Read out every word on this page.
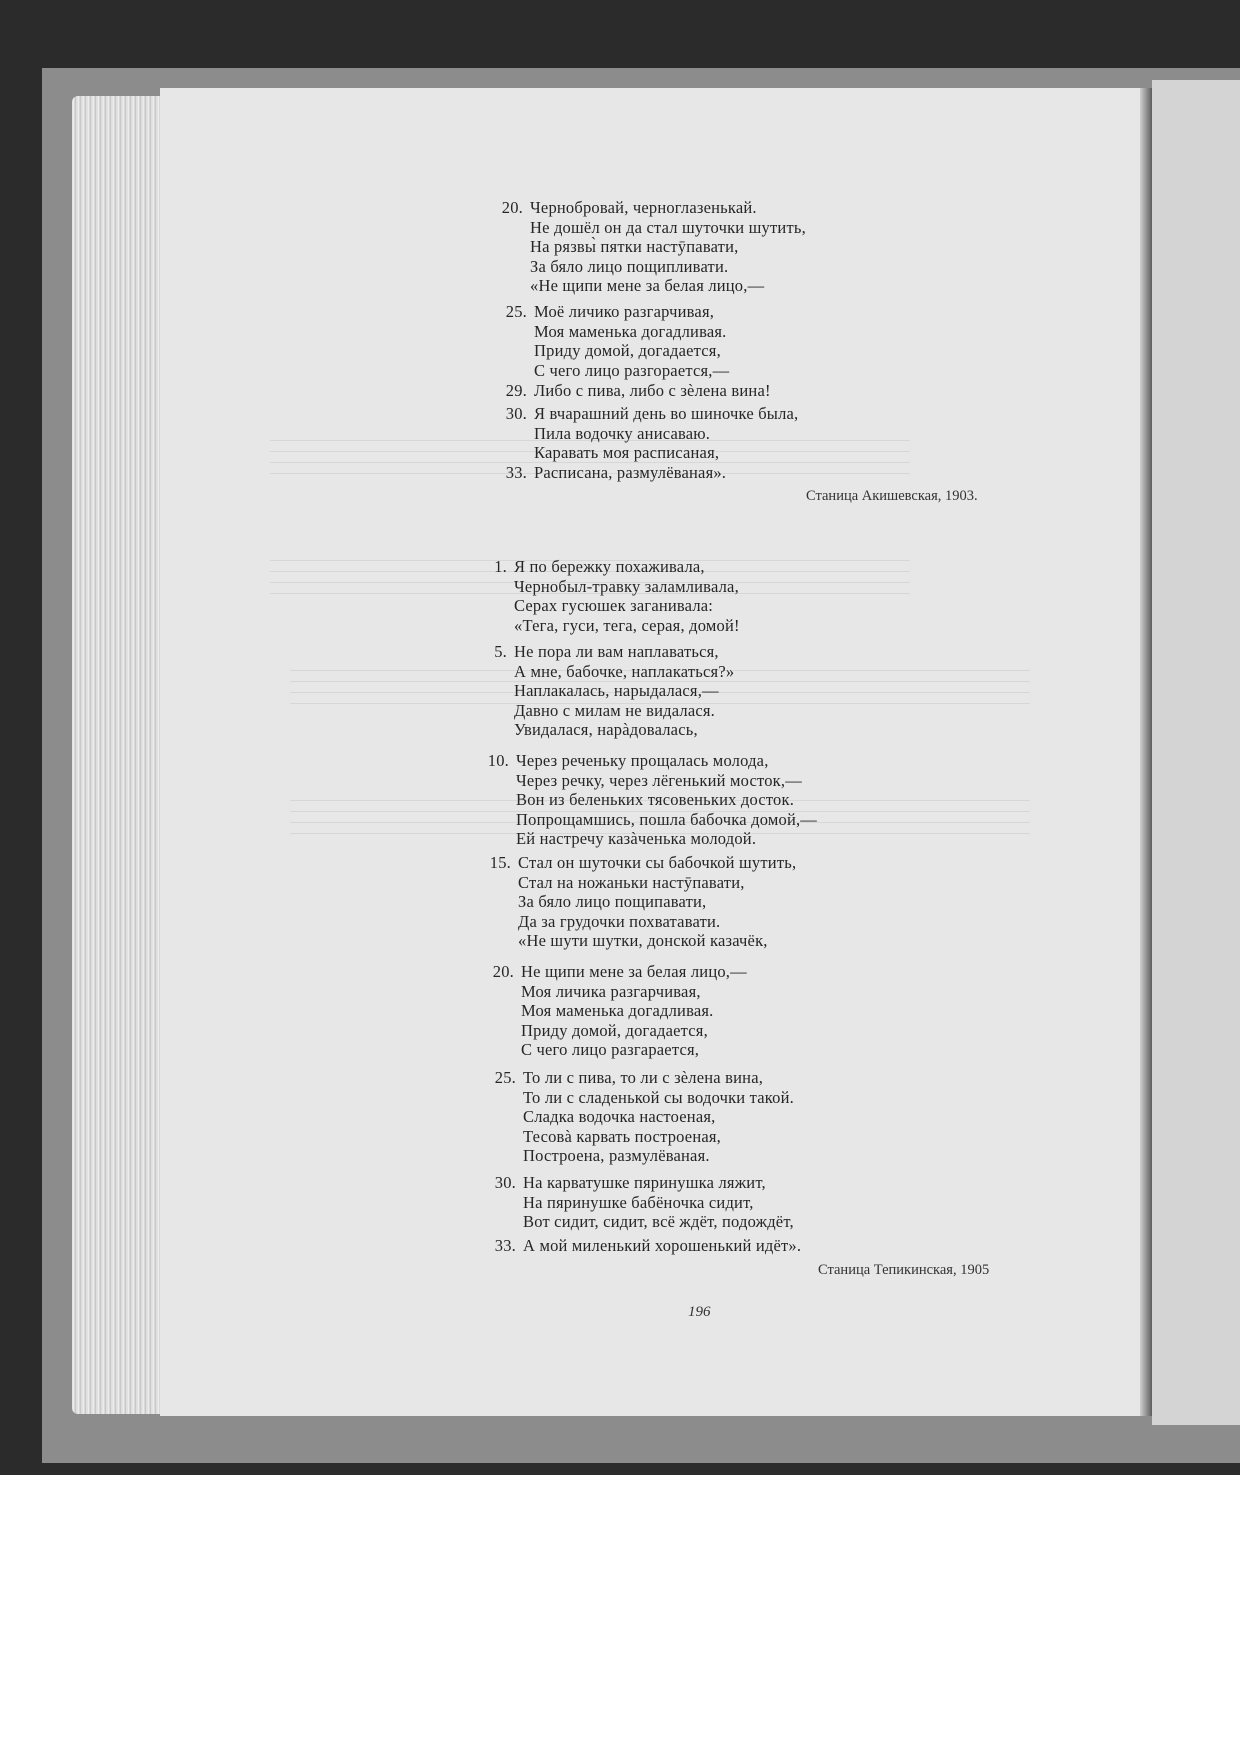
20. Чернобровай, черноглазенькай.
Не дошёл он да стал шуточки шутить,
На рязвы̀ пятки настӯпавати,
За бяло лицо пощипливати.
«Не щипи мене за белая лицо,—
25. Моё личико разгарчивая,
Моя маменька догадливая.
Приду домой, догадается,
С чего лицо разгорается,—
29. Либо с пива, либо с зѐлена вина!
30. Я вчарашний день во шиночке была,
Пила водочку анисаваю.
Каравать моя расписаная,
33. Расписана, размулёваная».
Станица Акишевская, 1903.
1. Я по бережку похаживала,
Чернобыл-травку заламливала,
Серах гусюшек заганивала:
«Тега, гуси, тега, серая, домой!
5. Не пора ли вам наплаваться,
А мне, бабочке, наплакаться?»
Наплакалась, нарыдалася,—
Давно с милам не видалася.
Увидалася, нарàдовалась,
10. Через реченьку прощалась молода,
Через речку, через лёгенький мосток,—
Вон из беленьких тясовеньких досток.
Попрощамшись, пошла бабочка домой,—
Ей настречу казàченька молодой.
15. Стал он шуточки сы бабочкой шутить,
Стал на ножаньки настӯпавати,
За бяло лицо пощипавати,
Да за грудочки похватавати.
«Не шути шутки, донской казачёк,
20. Не щипи мене за белая лицо,—
Моя личика разгарчивая,
Моя маменька догадливая.
Приду домой, догадается,
С чего лицо разгарается,
25. То ли с пива, то ли с зѐлена вина,
То ли с сладенькой сы водочки такой.
Сладка водочка настоеная,
Тесовà карвать построеная,
Построена, размулёваная.
30. На карватушке пяринушка ляжит,
На пяринушке бабёночка сидит,
Вот сидит, сидит, всё ждёт, подождёт,
33. А мой миленький хорошенький идёт».
Станица Тепикинская, 1905
196
